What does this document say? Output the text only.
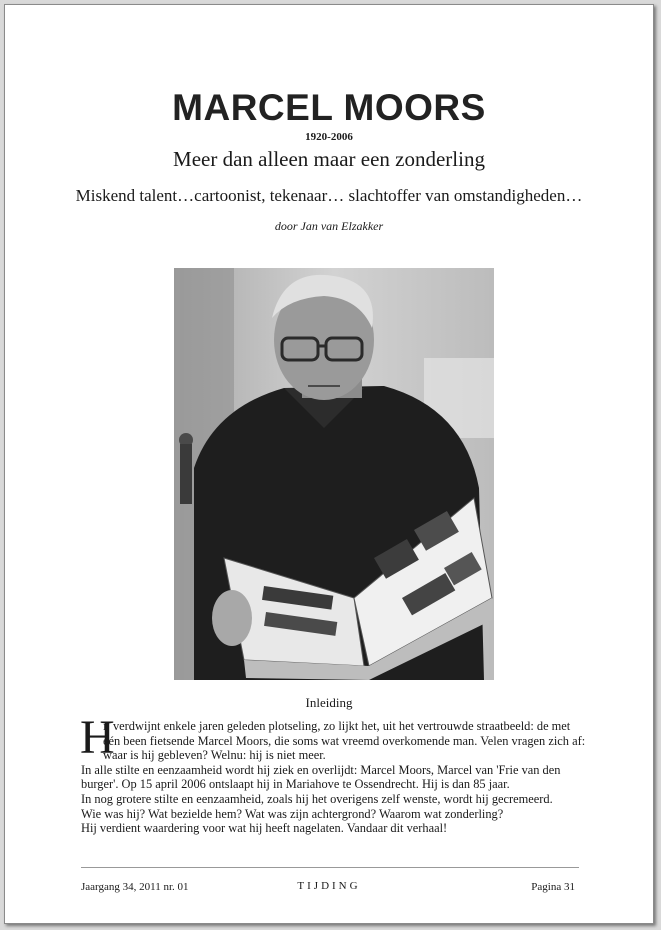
MARCEL MOORS
1920-2006
Meer dan alleen maar een zonderling
Miskend talent…cartoonist, tekenaar… slachtoffer van omstandigheden…
door Jan van Elzakker
Inleiding

H
ij verdwijnt enkele jaren geleden plotseling, zo lijkt het, uit het vertrouwde straatbeeld: de met één been fietsende Marcel Moors, die soms wat vreemd overkomende man. Velen vragen zich af: waar is hij gebleven? Welnu: hij is niet meer.

In alle stilte en eenzaamheid wordt hij ziek en overlijdt: Marcel Moors, Marcel van 'Frie van den burger'. Op 15 april 2006 ontslaapt hij in Mariahove te Ossendrecht. Hij is dan 85 jaar.

In nog grotere stilte en eenzaamheid, zoals hij het overigens zelf wenste, wordt hij gecremeerd.

Wie was hij? Wat bezielde hem? Wat was zijn achtergrond? Waarom wat zonderling?

Hij verdient waardering voor wat hij heeft nagelaten. Vandaar dit verhaal!

Jaargang 34, 2011 nr. 01	TIJDING	Pagina 31
